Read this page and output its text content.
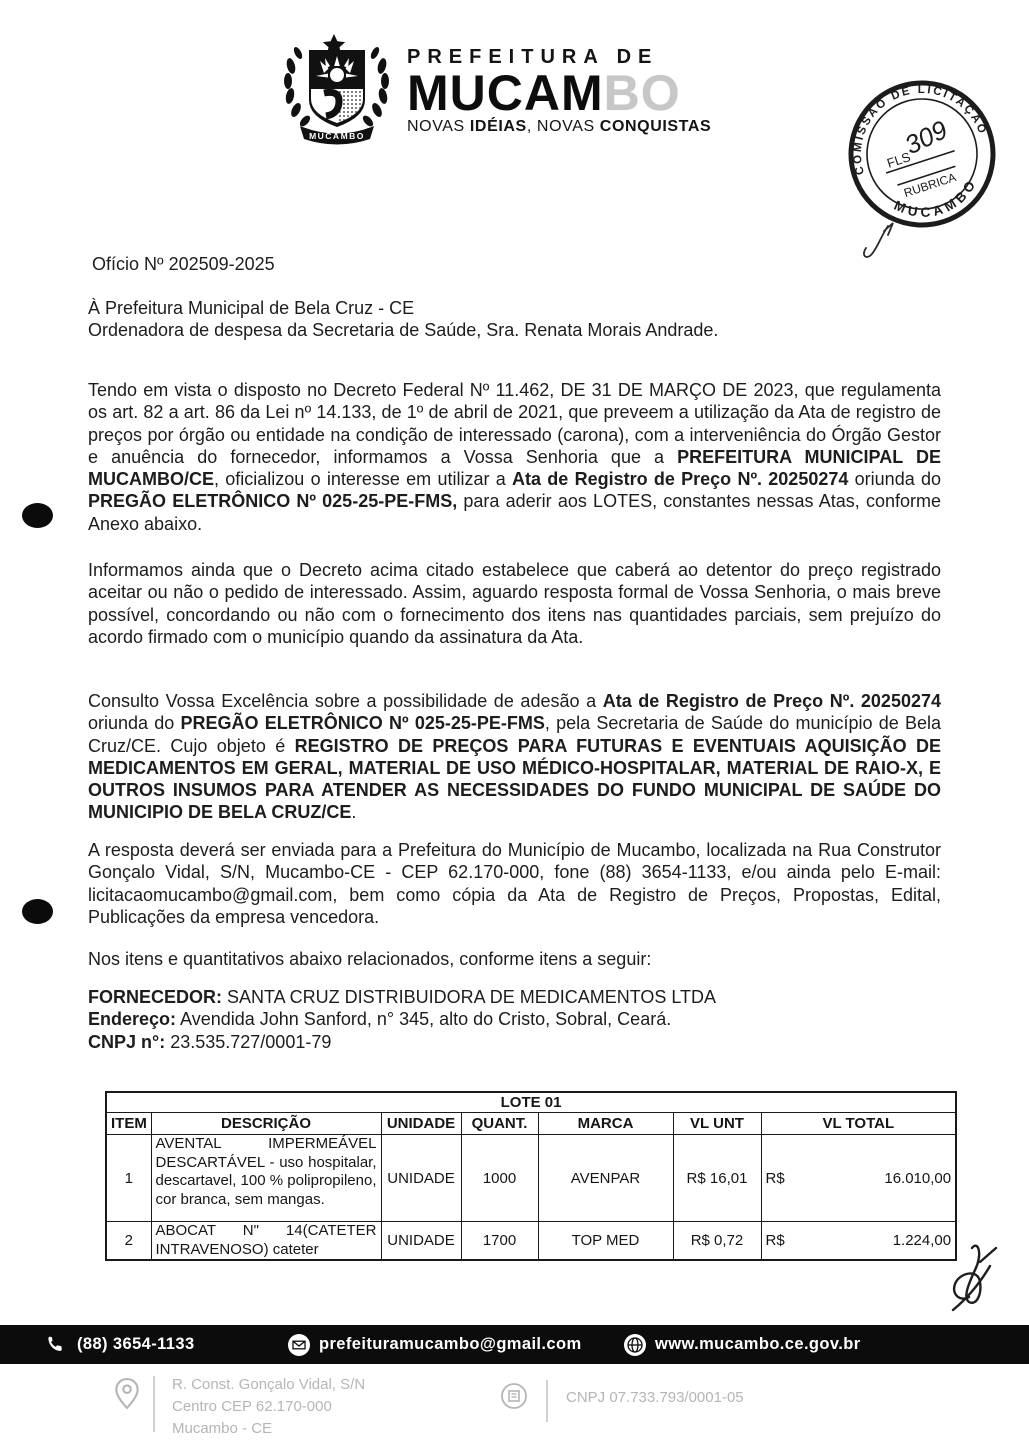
MUCAMBO
PREFEITURA DE
MUCAMBO
NOVAS IDÉIAS, NOVAS CONQUISTAS
COMISSÃO DE LICITAÇÃO
MUCAMBO
FLS
309
RUBRICA
Ofício Nº 202509-2025
À Prefeitura Municipal de Bela Cruz - CE
Ordenadora de despesa da Secretaria de Saúde, Sra. Renata Morais Andrade.
Tendo em vista o disposto no Decreto Federal Nº 11.462, DE 31 DE MARÇO DE 2023, que regulamenta os art. 82 a art. 86 da Lei nº 14.133, de 1º de abril de 2021, que preveem a utilização da Ata de registro de preços por órgão ou entidade na condição de interessado (carona), com a interveniência do Órgão Gestor e anuência do fornecedor, informamos a Vossa Senhoria que a PREFEITURA MUNICIPAL DE MUCAMBO/CE, oficializou o interesse em utilizar a Ata de Registro de Preço Nº. 20250274 oriunda do PREGÃO ELETRÔNICO Nº 025-25-PE-FMS, para aderir aos LOTES, constantes nessas Atas, conforme Anexo abaixo.
Informamos ainda que o Decreto acima citado estabelece que caberá ao detentor do preço registrado aceitar ou não o pedido de interessado. Assim, aguardo resposta formal de Vossa Senhoria, o mais breve possível, concordando ou não com o fornecimento dos itens nas quantidades parciais, sem prejuízo do acordo firmado com o município quando da assinatura da Ata.
Consulto Vossa Excelência sobre a possibilidade de adesão a Ata de Registro de Preço Nº. 20250274 oriunda do PREGÃO ELETRÔNICO Nº 025-25-PE-FMS, pela Secretaria de Saúde do município de Bela Cruz/CE. Cujo objeto é REGISTRO DE PREÇOS PARA FUTURAS E EVENTUAIS AQUISIÇÃO DE MEDICAMENTOS EM GERAL, MATERIAL DE USO MÉDICO-HOSPITALAR, MATERIAL DE RAIO-X, E OUTROS INSUMOS PARA ATENDER AS NECESSIDADES DO FUNDO MUNICIPAL DE SAÚDE DO MUNICIPIO DE BELA CRUZ/CE.
A resposta deverá ser enviada para a Prefeitura do Município de Mucambo, localizada na Rua Construtor Gonçalo Vidal, S/N, Mucambo-CE - CEP 62.170-000, fone (88) 3654-1133, e/ou ainda pelo E-mail: licitacaomucambo@gmail.com, bem como cópia da Ata de Registro de Preços, Propostas, Edital, Publicações da empresa vencedora.
Nos itens e quantitativos abaixo relacionados, conforme itens a seguir:
FORNECEDOR: SANTA CRUZ DISTRIBUIDORA DE MEDICAMENTOS LTDA
Endereço: Avendida John Sanford, n° 345, alto do Cristo, Sobral, Ceará.
CNPJ n°: 23.535.727/0001-79
LOTE 01						
ITEM	DESCRIÇÃO	UNIDADE	QUANT.	MARCA	VL UNT	VL TOTAL
1	AVENTAL IMPERMEÁVEL DESCARTÁVEL - uso hospitalar, descartavel, 100 % polipropileno, cor branca, sem mangas.	UNIDADE	1000	AVENPAR	R$ 16,01	R$ 16.010,00

2	ABOCAT N" 14(CATETER INTRAVENOSO) cateter	UNIDADE	1700	TOP MED	R$ 0,72	R$ 1.224,00
(88) 3654-1133	prefeituramucambo@gmail.com	www.mucambo.ce.gov.br
R. Const. Gonçalo Vidal, S/N
Centro CEP 62.170-000
Mucambo - CE
CNPJ 07.733.793/0001-05
